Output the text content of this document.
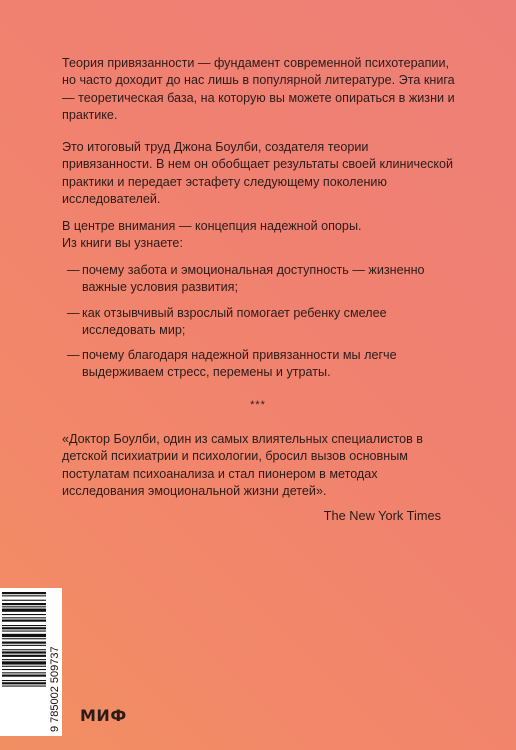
Теория привязанности — фундамент современной психотерапии, но часто доходит до нас лишь в популярной литературе. Эта книга — теоретическая база, на которую вы можете опираться в жизни и практике.

Это итоговый труд Джона Боулби, создателя теории привязанности. В нем он обобщает результаты своей клинической практики и передает эстафету следующему поколению исследователей.

В центре внимания — концепция надежной опоры.

Из книги вы узнаете:

— почему забота и эмоциональная доступность — жизненно важные условия развития;
— как отзывчивый взрослый помогает ребенку смелее исследовать мир;
— почему благодаря надежной привязанности мы легче выдерживаем стресс, перемены и утраты.
***

«Доктор Боулби, один из самых влиятельных специалистов в детской психиатрии и психологии, бросил вызов основным постулатам психоанализа и стал пионером в методах исследования эмоциональной жизни детей».

The New York Times
9 785002 509737 МИФ
